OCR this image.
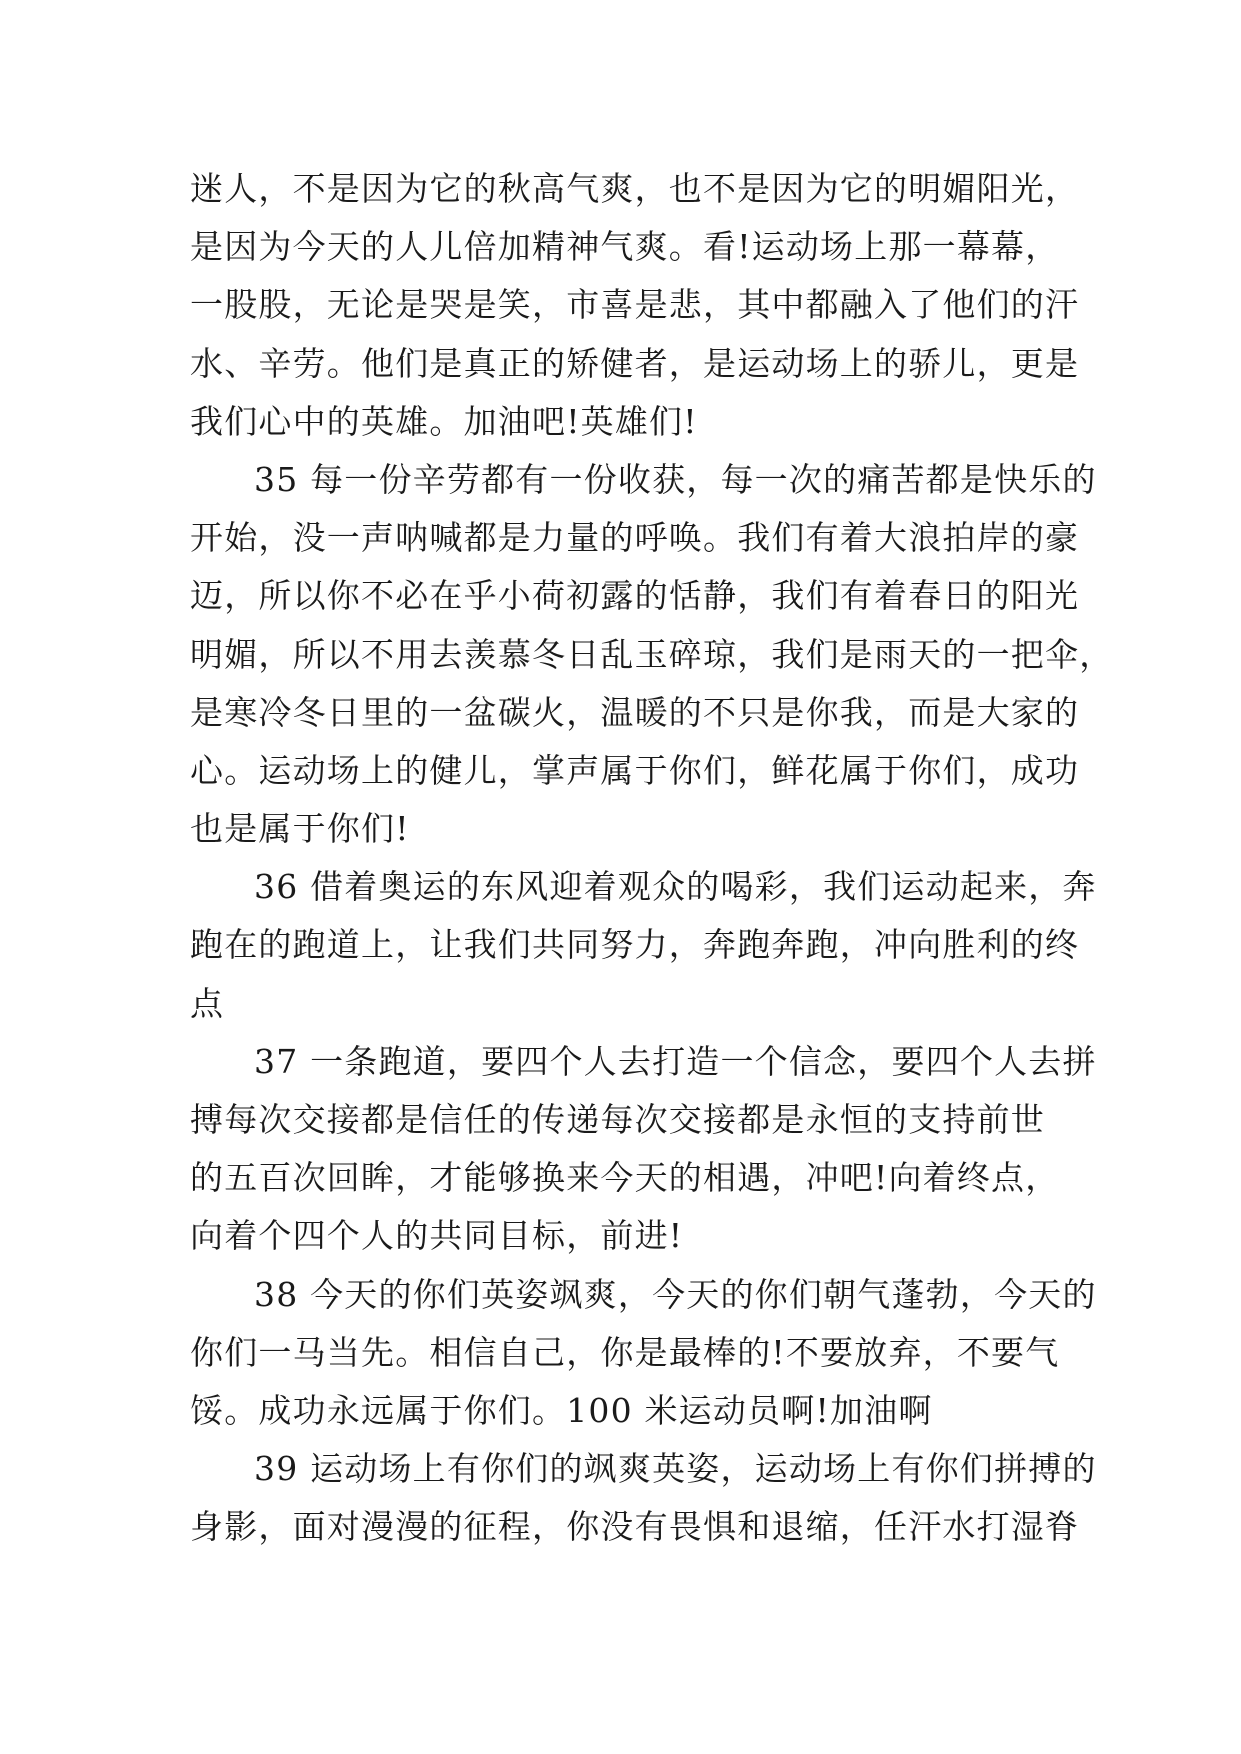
迷人，不是因为它的秋高气爽，也不是因为它的明媚阳光，
是因为今天的人儿倍加精神气爽。看!运动场上那一幕幕，
一股股，无论是哭是笑，市喜是悲，其中都融入了他们的汗
水、辛劳。他们是真正的矫健者，是运动场上的骄儿，更是
我们心中的英雄。加油吧!英雄们!
35 每一份辛劳都有一份收获，每一次的痛苦都是快乐的
开始，没一声呐喊都是力量的呼唤。我们有着大浪拍岸的豪
迈，所以你不必在乎小荷初露的恬静，我们有着春日的阳光
明媚，所以不用去羡慕冬日乱玉碎琼，我们是雨天的一把伞，
是寒冷冬日里的一盆碳火，温暖的不只是你我，而是大家的
心。运动场上的健儿，掌声属于你们，鲜花属于你们，成功
也是属于你们!
36 借着奥运的东风迎着观众的喝彩，我们运动起来，奔
跑在的跑道上，让我们共同努力，奔跑奔跑，冲向胜利的终
点
37 一条跑道，要四个人去打造一个信念，要四个人去拼
搏每次交接都是信任的传递每次交接都是永恒的支持前世
的五百次回眸，才能够换来今天的相遇，冲吧!向着终点，
向着个四个人的共同目标，前进!
38 今天的你们英姿飒爽，今天的你们朝气蓬勃，今天的
你们一马当先。相信自己，你是最棒的!不要放弃，不要气
馁。成功永远属于你们。100 米运动员啊!加油啊
39 运动场上有你们的飒爽英姿，运动场上有你们拼搏的
身影，面对漫漫的征程，你没有畏惧和退缩，任汗水打湿脊
